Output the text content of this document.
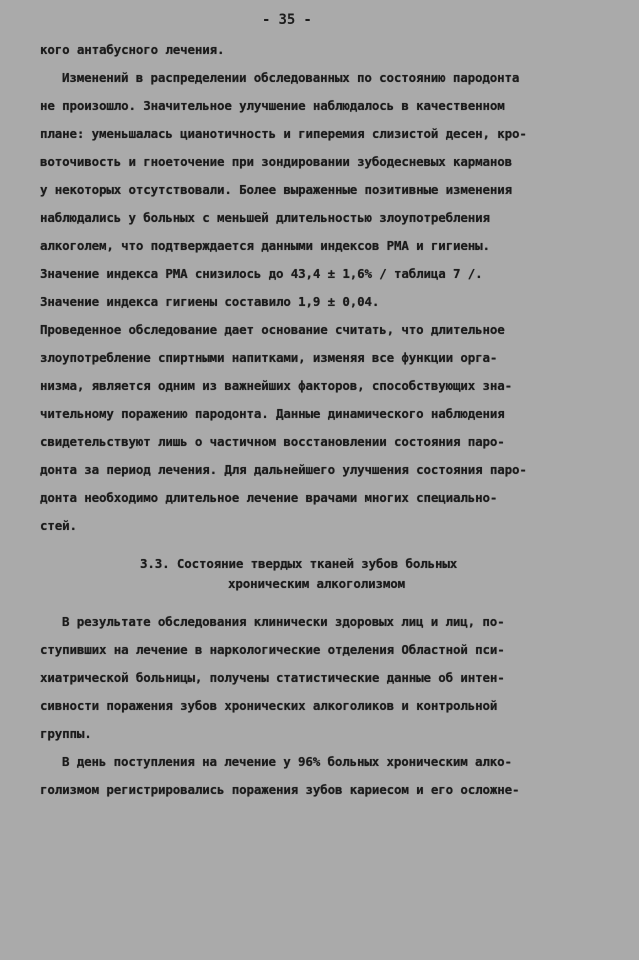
- 35 -
кого антабусного лечения.
Изменений в распределении обследованных по состоянию пародонта
не произошло. Значительное улучшение наблюдалось в качественном
плане: уменьшалась цианотичность и гиперемия слизистой десен, кро-
воточивость и гноеточение при зондировании зубодесневых карманов
у некоторых отсутствовали. Более выраженные позитивные изменения
наблюдались у больных с меньшей длительностью злоупотребления
алкоголем, что подтверждается данными индексов РМА и гигиены.
Значение индекса РМА снизилось до 43,4 ± 1,6% / таблица 7 /.
Значение индекса гигиены составило 1,9 ± 0,04.
Проведенное обследование дает основание считать, что длительное
злоупотребление спиртными напитками, изменяя все функции орга-
низма, является одним из важнейших факторов, способствующих зна-
чительному поражению пародонта. Данные динамического наблюдения
свидетельствуют лишь о частичном восстановлении состояния паро-
донта за период лечения. Для дальнейшего улучшения состояния паро-
донта необходимо длительное лечение врачами многих специально-
стей.
3.3. Состояние твердых тканей зубов больных
хроническим алкоголизмом
В результате обследования клинически здоровых лиц и лиц, по-
ступивших на лечение в наркологические отделения Областной пси-
хиатрической больницы, получены статистические данные об интен-
сивности поражения зубов хронических алкоголиков и контрольной
группы.
В день поступления на лечение у 96% больных хроническим алко-
голизмом регистрировались поражения зубов кариесом и его осложне-
